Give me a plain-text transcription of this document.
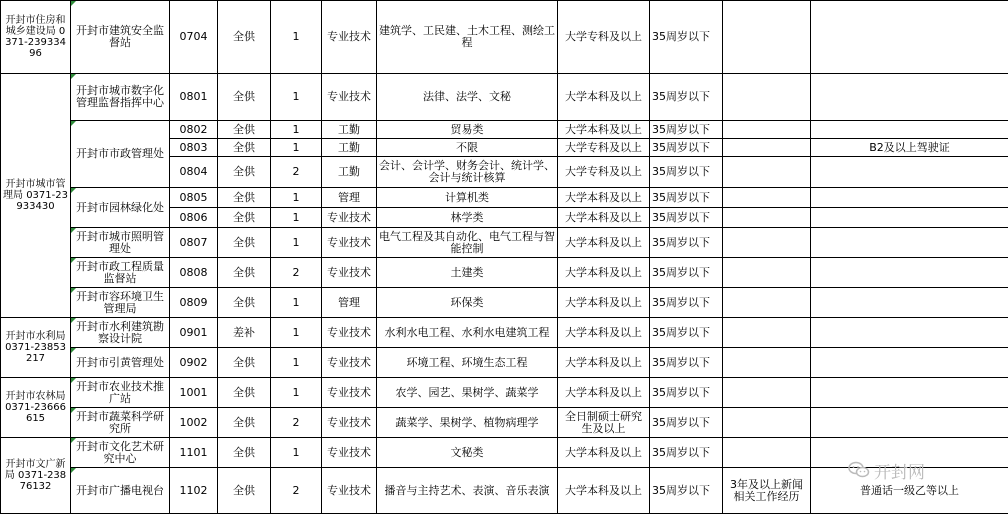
开封市住房和城乡建设局 0371-23933496	开封市建筑安全监督站	0704	全供	1	专业技术	建筑学、工民建、土木工程、测绘工程	大学专科及以上	35周岁以下		
开封市城市管理局 0371-23933430	开封市城市数字化管理监督指挥中心	0801	全供	1	专业技术	法律、法学、文秘	大学本科及以上	35周岁以下		
	开封市市政管理处	0802	全供	1	工勤	贸易类	大学本科及以上	35周岁以下		
		0803	全供	1	工勤	不限	大学专科及以上	35周岁以下		B2及以上驾驶证
		0804	全供	2	工勤	会计、会计学、财务会计、统计学、会计与统计核算	大学专科及以上	35周岁以下		
	开封市园林绿化处	0805	全供	1	管理	计算机类	大学本科及以上	35周岁以下		
		0806	全供	1	专业技术	林学类	大学本科及以上	35周岁以下		
	开封市城市照明管理处	0807	全供	1	专业技术	电气工程及其自动化、电气工程与智能控制	大学本科及以上	35周岁以下		
	开封市政工程质量监督站	0808	全供	2	专业技术	土建类	大学本科及以上	35周岁以下		
	开封市容环境卫生管理局	0809	全供	1	管理	环保类	大学本科及以上	35周岁以下		
开封市水利局 0371-23853217	开封市水利建筑勘察设计院	0901	差补	1	专业技术	水利水电工程、水利水电建筑工程	大学本科及以上	35周岁以下		
	开封市引黄管理处	0902	全供	1	专业技术	环境工程、环境生态工程	大学本科及以上	35周岁以下		
开封市农林局 0371-23666615	开封市农业技术推广站	1001	全供	1	专业技术	农学、园艺、果树学、蔬菜学	大学本科及以上	35周岁以下		
	开封市蔬菜科学研究所	1002	全供	2	专业技术	蔬菜学、果树学、植物病理学	全日制硕士研究生及以上	35周岁以下		
开封市文广新局 0371-23876132	开封市文化艺术研究中心	1101	全供	1	专业技术	文秘类	大学本科及以上	35周岁以下		
	开封市广播电视台	1102	全供	2	专业技术	播音与主持艺术、表演、音乐表演	大学本科及以上	35周岁以下	3年及以上新闻相关工作经历	普通话一级乙等以上
开封网
